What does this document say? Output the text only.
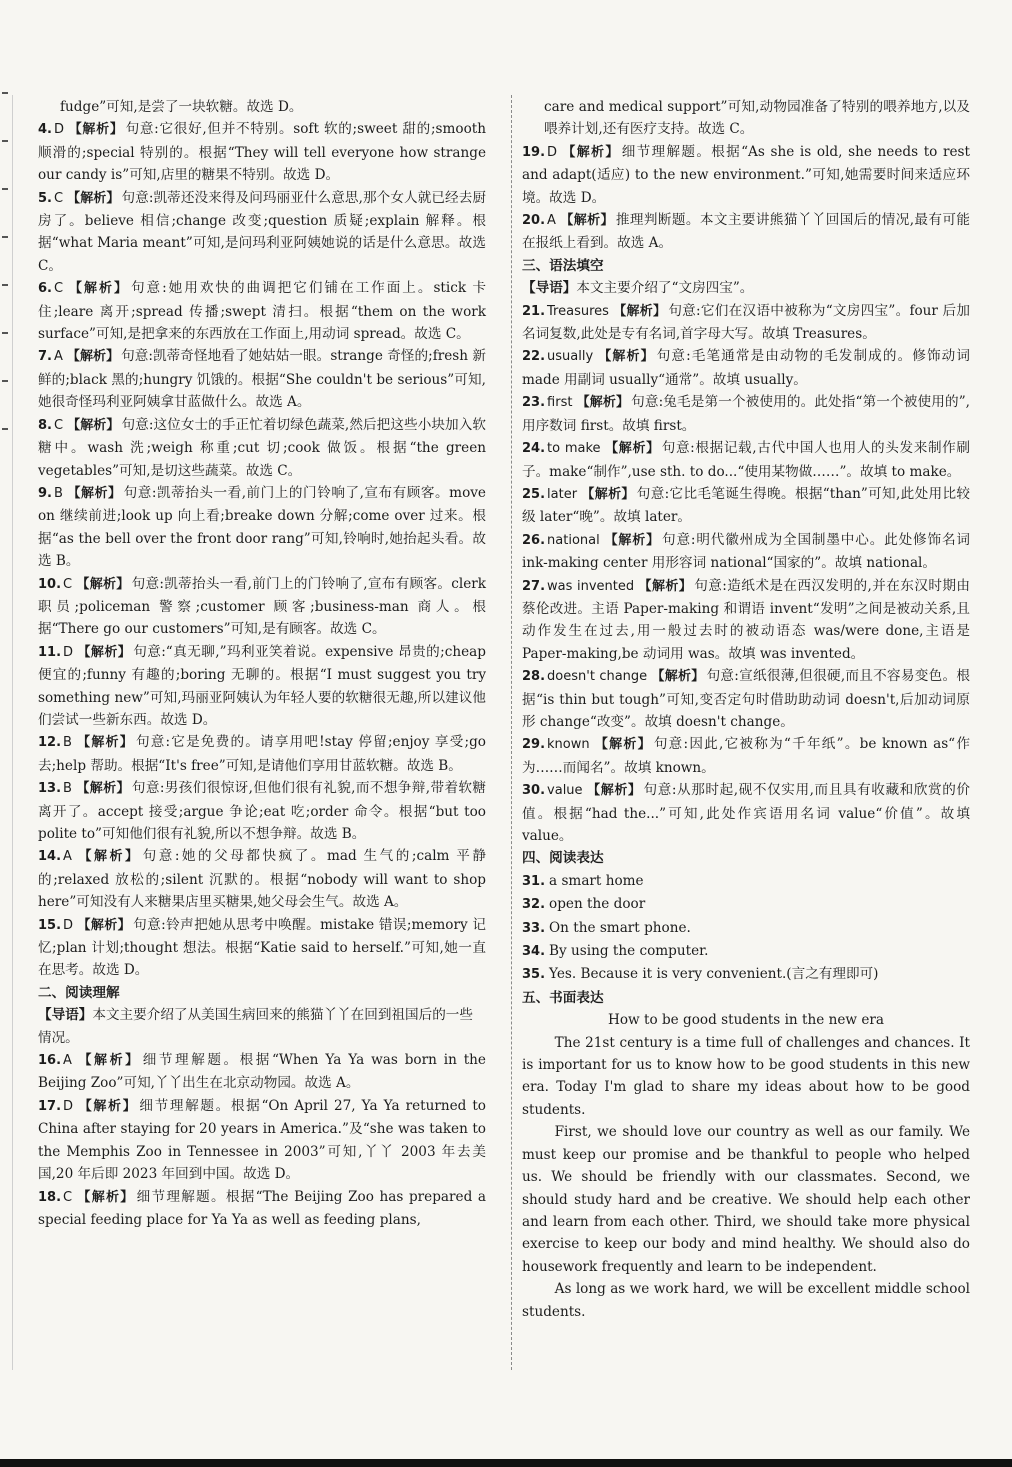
fudge”可知,是尝了一块软糖。故选 D。

4. D 【解析】 句意:它很好,但并不特别。soft 软的;sweet 甜的;smooth 顺滑的;special 特别的。根据“They will tell everyone how strange our candy is”可知,店里的糖果不特别。故选 D。

5. C 【解析】 句意:凯蒂还没来得及问玛丽亚什么意思,那个女人就已经去厨房了。believe 相信;change 改变;question 质疑;explain 解释。根据“what Maria meant”可知,是问玛利亚阿姨她说的话是什么意思。故选 C。

6. C 【解析】 句意:她用欢快的曲调把它们铺在工作面上。stick 卡住;leare 离开;spread 传播;swept 清扫。根据“them on the work surface”可知,是把拿来的东西放在工作面上,用动词 spread。故选 C。

7. A 【解析】 句意:凯蒂奇怪地看了她姑姑一眼。strange 奇怪的;fresh 新鲜的;black 黑的;hungry 饥饿的。根据“She couldn't be serious”可知,她很奇怪玛利亚阿姨拿甘蓝做什么。故选 A。

8. C 【解析】 句意:这位女士的手正忙着切绿色蔬菜,然后把这些小块加入软糖中。wash 洗;weigh 称重;cut 切;cook 做饭。根据“the green vegetables”可知,是切这些蔬菜。故选 C。

9. B 【解析】 句意:凯蒂抬头一看,前门上的门铃响了,宣布有顾客。move on 继续前进;look up 向上看;breake down 分解;come over 过来。根据“as the bell over the front door rang”可知,铃响时,她抬起头看。故选 B。

10. C 【解析】 句意:凯蒂抬头一看,前门上的门铃响了,宣布有顾客。clerk 职员;policeman 警察;customer 顾客;business-man 商人。根据“There go our customers”可知,是有顾客。故选 C。

11. D 【解析】 句意:“真无聊,”玛利亚笑着说。expensive 昂贵的;cheap 便宜的;funny 有趣的;boring 无聊的。根据“I must suggest you try something new”可知,玛丽亚阿姨认为年轻人要的软糖很无趣,所以建议他们尝试一些新东西。故选 D。

12. B 【解析】 句意:它是免费的。请享用吧!stay 停留;enjoy 享受;go 去;help 帮助。根据“It's free”可知,是请他们享用甘蓝软糖。故选 B。

13. B 【解析】 句意:男孩们很惊讶,但他们很有礼貌,而不想争辩,带着软糖离开了。accept 接受;argue 争论;eat 吃;order 命令。根据“but too polite to”可知他们很有礼貌,所以不想争辩。故选 B。

14. A 【解析】 句意:她的父母都快疯了。mad 生气的;calm 平静的;relaxed 放松的;silent 沉默的。根据“nobody will want to shop here”可知没有人来糖果店里买糖果,她父母会生气。故选 A。

15. D 【解析】 句意:铃声把她从思考中唤醒。mistake 错误;memory 记忆;plan 计划;thought 想法。根据“Katie said to herself.”可知,她一直在思考。故选 D。

二、阅读理解

【导语】本文主要介绍了从美国生病回来的熊猫丫丫在回到祖国后的一些情况。

16. A 【解析】 细节理解题。根据“When Ya Ya was born in the Beijing Zoo”可知,丫丫出生在北京动物园。故选 A。

17. D 【解析】 细节理解题。根据“On April 27, Ya Ya returned to China after staying for 20 years in America.”及“she was taken to the Memphis Zoo in Tennessee in 2003”可知,丫丫 2003 年去美国,20 年后即 2023 年回到中国。故选 D。

18. C 【解析】 细节理解题。根据“The Beijing Zoo has prepared a special feeding place for Ya Ya as well as feeding plans,

care and medical support”可知,动物园准备了特别的喂养地方,以及喂养计划,还有医疗支持。故选 C。

19. D 【解析】 细节理解题。根据“As she is old, she needs to rest and adapt(适应) to the new environment.”可知,她需要时间来适应环境。故选 D。

20. A 【解析】 推理判断题。本文主要讲熊猫丫丫回国后的情况,最有可能在报纸上看到。故选 A。

三、语法填空

【导语】本文主要介绍了“文房四宝”。

21. Treasures 【解析】 句意:它们在汉语中被称为“文房四宝”。four 后加名词复数,此处是专有名词,首字母大写。故填 Treasures。

22. usually 【解析】 句意:毛笔通常是由动物的毛发制成的。修饰动词 made 用副词 usually“通常”。故填 usually。

23. first 【解析】 句意:兔毛是第一个被使用的。此处指“第一个被使用的”,用序数词 first。故填 first。

24. to make 【解析】 句意:根据记载,古代中国人也用人的头发来制作刷子。make“制作”,use sth. to do...“使用某物做……”。故填 to make。

25. later 【解析】 句意:它比毛笔诞生得晚。根据“than”可知,此处用比较级 later“晚”。故填 later。

26. national 【解析】 句意:明代徽州成为全国制墨中心。此处修饰名词 ink-making center 用形容词 national“国家的”。故填 national。

27. was invented 【解析】 句意:造纸术是在西汉发明的,并在东汉时期由蔡伦改进。主语 Paper-making 和谓语 invent“发明”之间是被动关系,且动作发生在过去,用一般过去时的被动语态 was/were done,主语是 Paper-making,be 动词用 was。故填 was invented。

28. doesn't change 【解析】 句意:宣纸很薄,但很硬,而且不容易变色。根据“is thin but tough”可知,变否定句时借助助动词 doesn't,后加动词原形 change“改变”。故填 doesn't change。

29. known 【解析】 句意:因此,它被称为“千年纸”。be known as“作为……而闻名”。故填 known。

30. value 【解析】 句意:从那时起,砚不仅实用,而且具有收藏和欣赏的价值。根据“had the...”可知,此处作宾语用名词 value“价值”。故填 value。

四、阅读表达

31. a smart home

32. open the door

33. On the smart phone.

34. By using the computer.

35. Yes. Because it is very convenient.(言之有理即可)

五、书面表达

How to be good students in the new era

The 21st century is a time full of challenges and chances. It is important for us to know how to be good students in this new era. Today I'm glad to share my ideas about how to be good students.

First, we should love our country as well as our family. We must keep our promise and be thankful to people who helped us. We should be friendly with our classmates. Second, we should study hard and be creative. We should help each other and learn from each other. Third, we should take more physical exercise to keep our body and mind healthy. We should also do housework frequently and learn to be independent.

As long as we work hard, we will be excellent middle school students.
